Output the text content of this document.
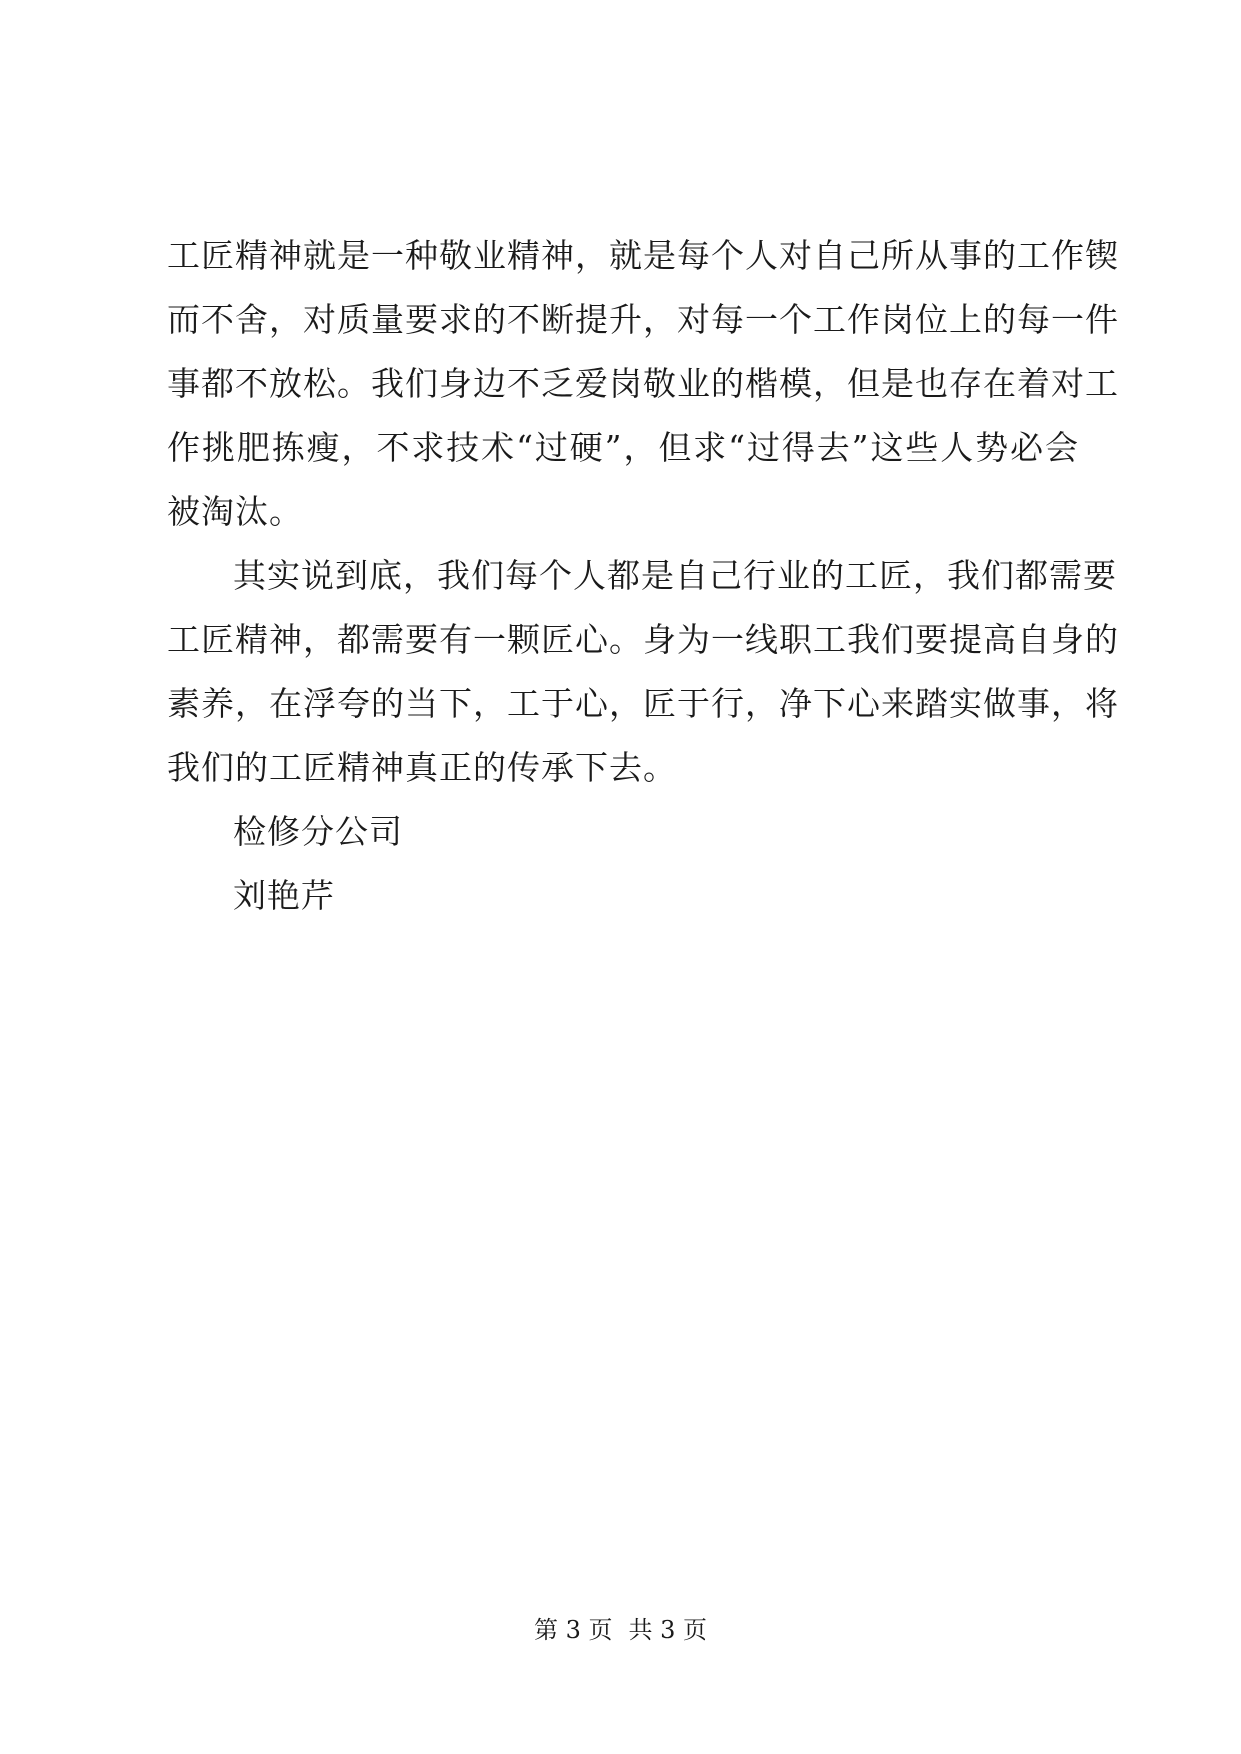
工匠精神就是一种敬业精神，就是每个人对自己所从事的工作锲
而不舍，对质量要求的不断提升，对每一个工作岗位上的每一件
事都不放松。我们身边不乏爱岗敬业的楷模，但是也存在着对工
作挑肥拣瘦，不求技术“过硬”，但求“过得去”这些人势必会
被淘汰。
其实说到底，我们每个人都是自己行业的工匠，我们都需要
工匠精神，都需要有一颗匠心。身为一线职工我们要提高自身的
素养，在浮夸的当下，工于心，匠于行，净下心来踏实做事，将
我们的工匠精神真正的传承下去。
检修分公司
刘艳芹
第 3 页 共 3 页
